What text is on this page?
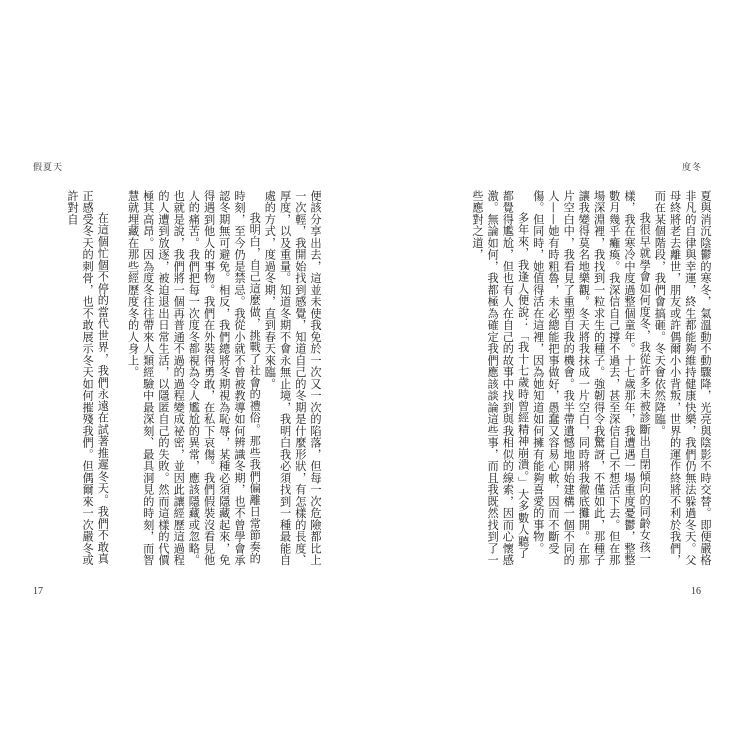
假夏天

便該分享出去，這並未使我免於一次又一次的陷落，但每一次危險都比上一次輕，我開始找到感覺，知道自己的冬期是什麼形狀，有怎樣的長度、厚度，以及重量。知道冬期不會永無止境，我明白我必須找到一種最能自處的方式，度過冬期，直到春天來臨。

我明白，自己這麼做，挑戰了社會的禮俗。那些我們偏離日常節奏的時刻，至今仍是禁忌。我從小就不曾被教導如何辨識冬期，也不曾學會承認冬期無可避免。相反，我們總將冬期視為恥辱，某種必須隱藏起來，免得遇到他人的事物。我們在外裝得勇敢，在私下哀傷。我們假裝沒看見他人的痛苦。我們把每一次度冬都視為令人尷尬的異常，應該隱藏或忽略。也就是說，我們將一個再普通不過的過程變成祕密，並因此讓經歷這過程的人遭到放逐，被迫退出日常生活，以隱匿自己的失敗。然而這樣的代價極其高昂。因為度冬往往帶來人類經驗中最深刻、最具洞見的時刻，而智慧就埋藏在那些經歷度冬的人身上。

在這個忙個不停的當代世界，我們永遠在試著推遲冬天。我們不敢真正感受冬天的刺骨，也不敢展示冬天如何摧殘我們。但偶爾來一次嚴冬或許對自

17
度冬

夏與消沉陰鬱的寒冬，氣溫動不動驟降，光亮與陰影不時交替。即便嚴格非凡的自律與幸運，終生都能夠維持健康快樂，我們仍無法躲過冬天。父母終將老去離世，朋友或許偶爾小小背叛，世界的運作終將不利於我們，而在某個階段，我們會搞砸。冬天會依然降臨。

我很早就學會如何度冬，我從許多未被診斷出自閉傾向的同齡女孩一樣，我在寒冷中度過整個童年。十七歲那年，我遭遇一場重度憂鬱，整整數月幾乎癱瘓。我深信自己撐不過去，甚至深信自己不想活下去。但在那場深淵裡，我找到一粒求生的種子。強韌得令我驚訝，不僅如此，那種子讓我變得莫名地樂觀。冬天將我抹成一片空白，同時將我徹底攤開。在那片空白中，我看見了重塑自我的機會。我半帶遺憾地開始建構一個不同的人——她有時粗魯，未必總能把事做好，愚蠢又容易心軟，因而不斷受傷。但同時，她值得活在這裡，因為她知道如何擁有能夠喜愛的事物。

多年來，我逢人便說：「我十七歲時曾經精神崩潰。」大多數人聽了都覺得尷尬，但也有人在自己的故事中找到與我相似的線索，因而心懷感激。無論如何，我都極為確定我們應該談論這些事，而且我既然找到了一些應對之道，

16
